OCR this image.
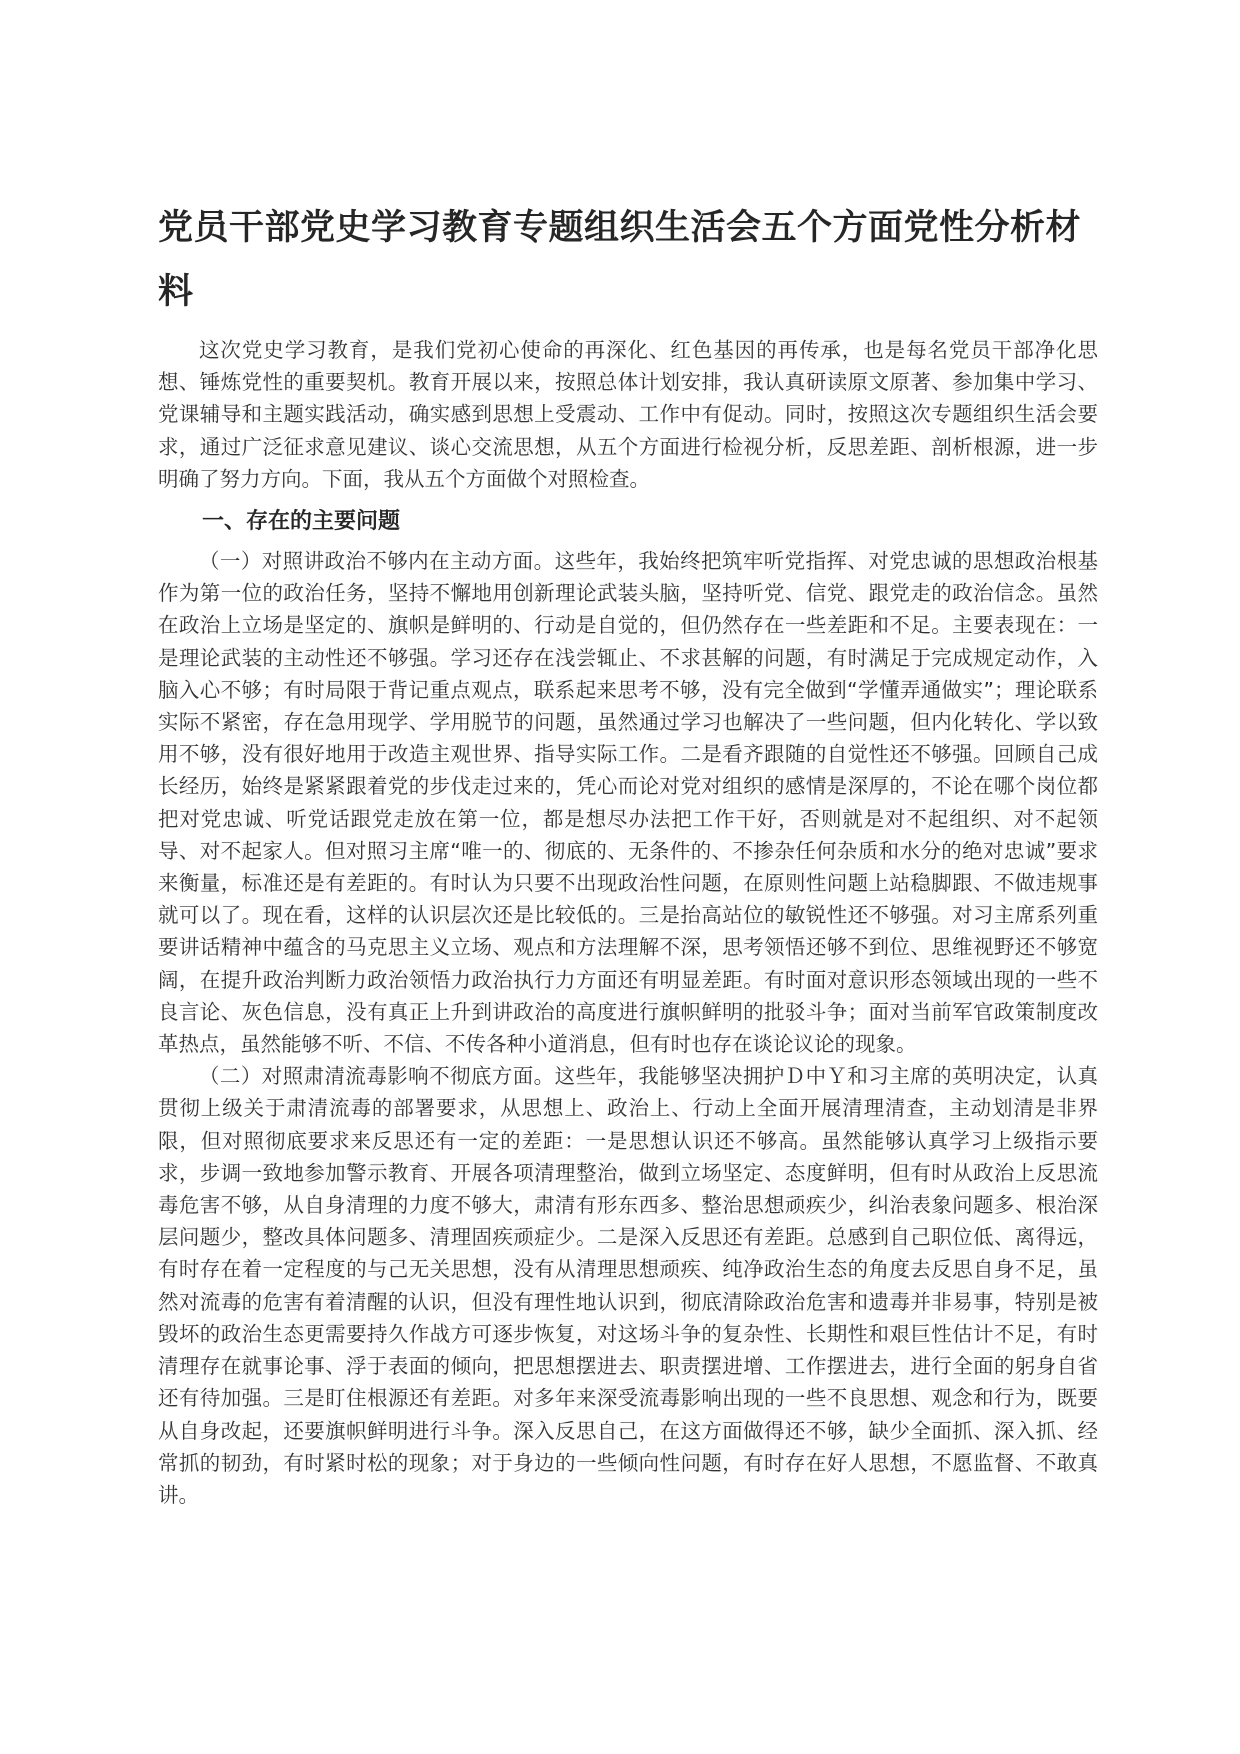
党员干部党史学习教育专题组织生活会五个方面党性分析材料

这次党史学习教育，是我们党初心使命的再深化、红色基因的再传承，也是每名党员干部净化思想、锤炼党性的重要契机。教育开展以来，按照总体计划安排，我认真研读原文原著、参加集中学习、党课辅导和主题实践活动，确实感到思想上受震动、工作中有促动。同时，按照这次专题组织生活会要求，通过广泛征求意见建议、谈心交流思想，从五个方面进行检视分析，反思差距、剖析根源，进一步明确了努力方向。下面，我从五个方面做个对照检查。

一、存在的主要问题

（一）对照讲政治不够内在主动方面。这些年，我始终把筑牢听党指挥、对党忠诚的思想政治根基作为第一位的政治任务，坚持不懈地用创新理论武装头脑，坚持听党、信党、跟党走的政治信念。虽然在政治上立场是坚定的、旗帜是鲜明的、行动是自觉的，但仍然存在一些差距和不足。主要表现在：一是理论武装的主动性还不够强。学习还存在浅尝辄止、不求甚解的问题，有时满足于完成规定动作，入脑入心不够；有时局限于背记重点观点，联系起来思考不够，没有完全做到“学懂弄通做实”；理论联系实际不紧密，存在急用现学、学用脱节的问题，虽然通过学习也解决了一些问题，但内化转化、学以致用不够，没有很好地用于改造主观世界、指导实际工作。二是看齐跟随的自觉性还不够强。回顾自己成长经历，始终是紧紧跟着党的步伐走过来的，凭心而论对党对组织的感情是深厚的，不论在哪个岗位都把对党忠诚、听党话跟党走放在第一位，都是想尽办法把工作干好，否则就是对不起组织、对不起领导、对不起家人。但对照习主席“唯一的、彻底的、无条件的、不掺杂任何杂质和水分的绝对忠诚”要求来衡量，标准还是有差距的。有时认为只要不出现政治性问题，在原则性问题上站稳脚跟、不做违规事就可以了。现在看，这样的认识层次还是比较低的。三是抬高站位的敏锐性还不够强。对习主席系列重要讲话精神中蕴含的马克思主义立场、观点和方法理解不深，思考领悟还够不到位、思维视野还不够宽阔，在提升政治判断力政治领悟力政治执行力方面还有明显差距。有时面对意识形态领域出现的一些不良言论、灰色信息，没有真正上升到讲政治的高度进行旗帜鲜明的批驳斗争；面对当前军官政策制度改革热点，虽然能够不听、不信、不传各种小道消息，但有时也存在谈论议论的现象。

（二）对照肃清流毒影响不彻底方面。这些年，我能够坚决拥护Ｄ中Ｙ和习主席的英明决定，认真贯彻上级关于肃清流毒的部署要求，从思想上、政治上、行动上全面开展清理清查，主动划清是非界限，但对照彻底要求来反思还有一定的差距：一是思想认识还不够高。虽然能够认真学习上级指示要求，步调一致地参加警示教育、开展各项清理整治，做到立场坚定、态度鲜明，但有时从政治上反思流毒危害不够，从自身清理的力度不够大，肃清有形东西多、整治思想顽疾少，纠治表象问题多、根治深层问题少，整改具体问题多、清理固疾顽症少。二是深入反思还有差距。总感到自己职位低、离得远，有时存在着一定程度的与己无关思想，没有从清理思想顽疾、纯净政治生态的角度去反思自身不足，虽然对流毒的危害有着清醒的认识，但没有理性地认识到，彻底清除政治危害和遗毒并非易事，特别是被毁坏的政治生态更需要持久作战方可逐步恢复，对这场斗争的复杂性、长期性和艰巨性估计不足，有时清理存在就事论事、浮于表面的倾向，把思想摆进去、职责摆进增、工作摆进去，进行全面的躬身自省还有待加强。三是盯住根源还有差距。对多年来深受流毒影响出现的一些不良思想、观念和行为，既要从自身改起，还要旗帜鲜明进行斗争。深入反思自己，在这方面做得还不够，缺少全面抓、深入抓、经常抓的韧劲，有时紧时松的现象；对于身边的一些倾向性问题，有时存在好人思想，不愿监督、不敢真讲。
